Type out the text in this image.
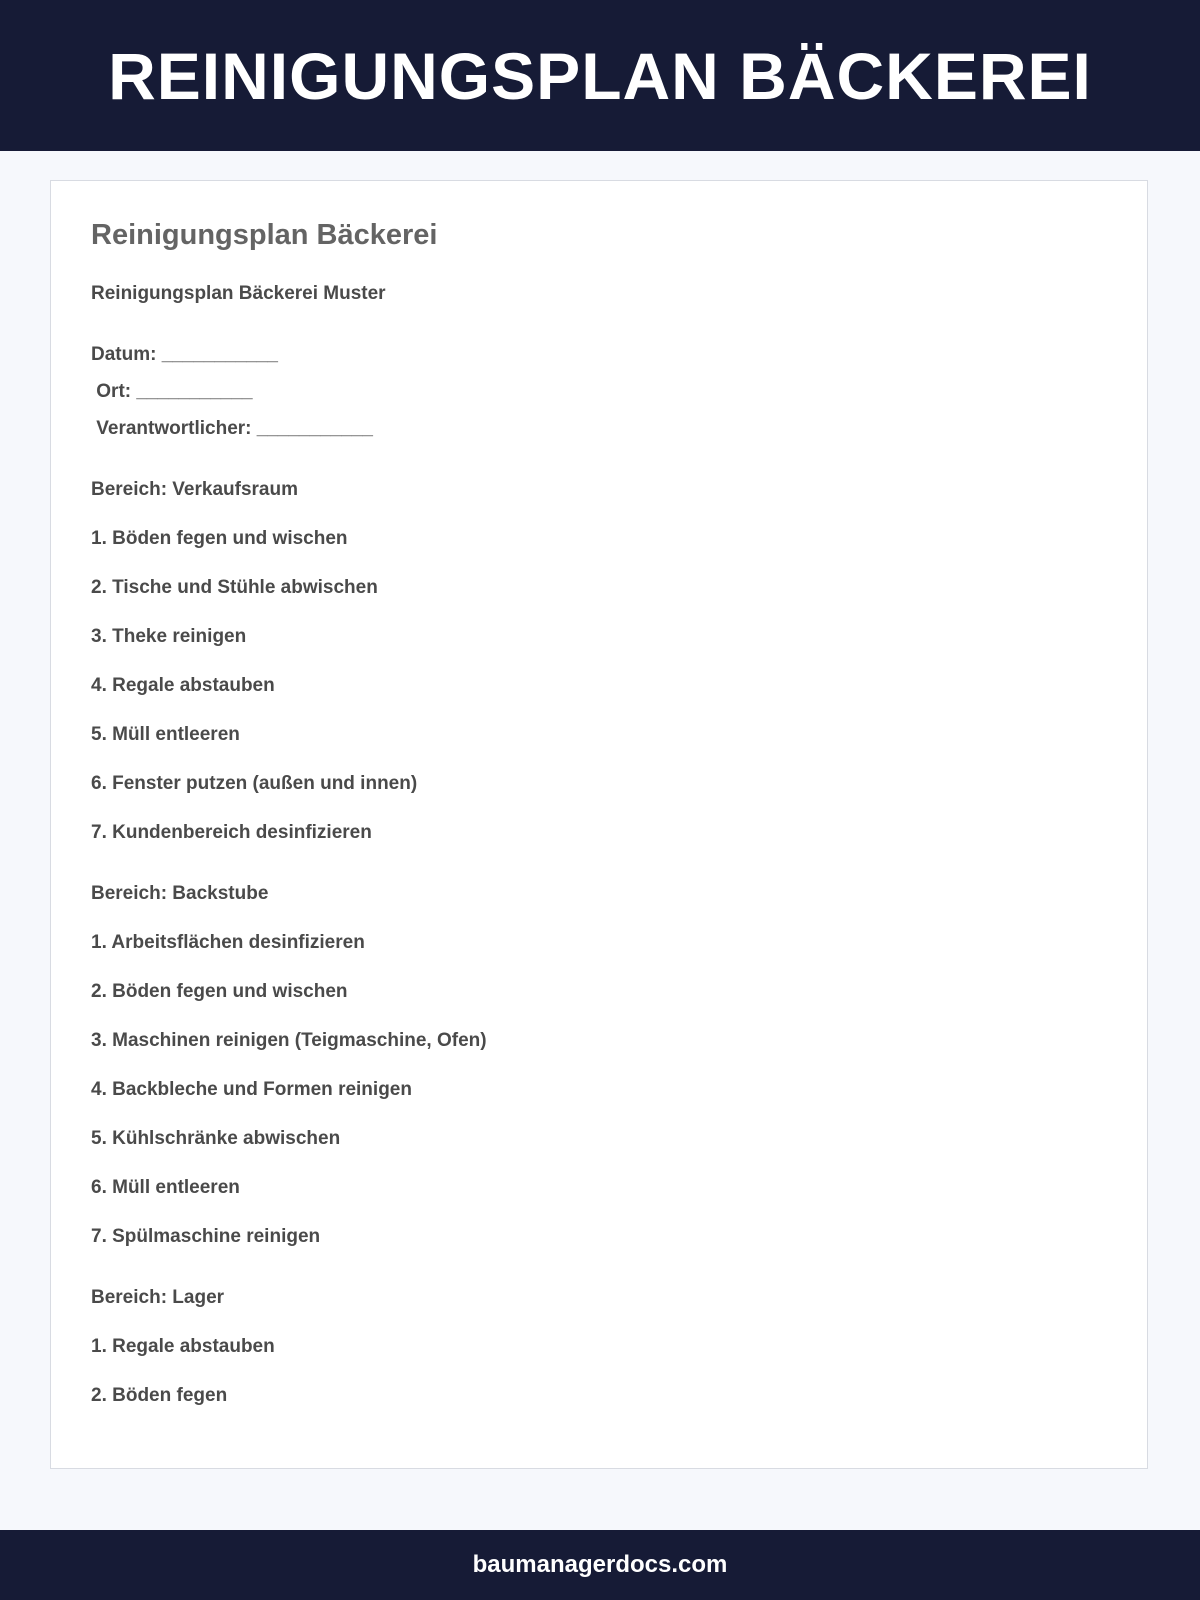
REINIGUNGSPLAN BÄCKEREI
Reinigungsplan Bäckerei
Reinigungsplan Bäckerei Muster
Datum: ___________
Ort: ___________
Verantwortlicher: ___________
Bereich: Verkaufsraum
1. Böden fegen und wischen
2. Tische und Stühle abwischen
3. Theke reinigen
4. Regale abstauben
5. Müll entleeren
6. Fenster putzen (außen und innen)
7. Kundenbereich desinfizieren
Bereich: Backstube
1. Arbeitsflächen desinfizieren
2. Böden fegen und wischen
3. Maschinen reinigen (Teigmaschine, Ofen)
4. Backbleche und Formen reinigen
5. Kühlschränke abwischen
6. Müll entleeren
7. Spülmaschine reinigen
Bereich: Lager
1. Regale abstauben
2. Böden fegen
baumanagerdocs.com
